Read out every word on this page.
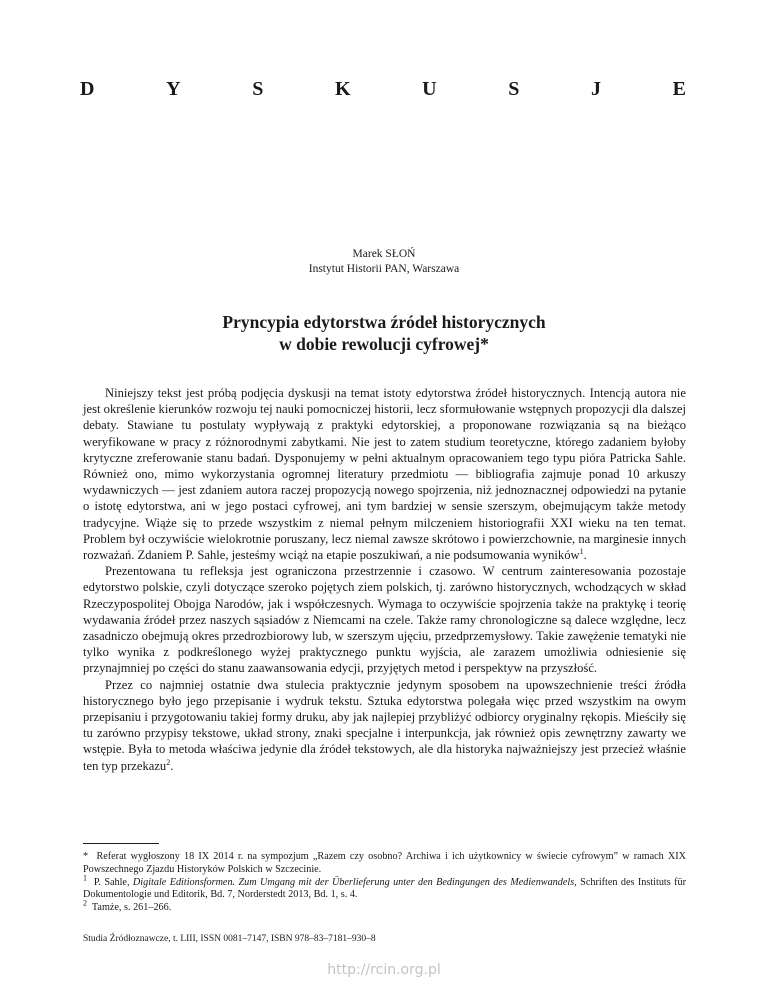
D	Y	S	K	U	S	J	E
Marek SŁOŃ
Instytut Historii PAN, Warszawa
Pryncypia edytorstwa źródeł historycznych
w dobie rewolucji cyfrowej*

Niniejszy tekst jest próbą podjęcia dyskusji na temat istoty edytorstwa źródeł historycznych. Intencją autora nie jest określenie kierunków rozwoju tej nauki pomocniczej historii, lecz sformułowanie wstępnych propozycji dla dalszej debaty. Stawiane tu postulaty wypływają z praktyki edytorskiej, a proponowane rozwiązania są na bieżąco weryfikowane w pracy z różnorodnymi zabytkami. Nie jest to zatem studium teoretyczne, którego zadaniem byłoby krytyczne zreferowanie stanu badań. Dysponujemy w pełni aktualnym opracowaniem tego typu pióra Patricka Sahle. Również ono, mimo wykorzystania ogromnej literatury przedmiotu — bibliografia zajmuje ponad 10 arkuszy wydawniczych — jest zdaniem autora raczej propozycją nowego spojrzenia, niż jednoznacznej odpowiedzi na pytanie o istotę edytorstwa, ani w jego postaci cyfrowej, ani tym bardziej w sensie szerszym, obejmującym także metody tradycyjne. Wiąże się to przede wszystkim z niemal pełnym milczeniem historiografii XXI wieku na ten temat. Problem był oczywiście wielokrotnie poruszany, lecz niemal zawsze skrótowo i powierzchownie, na marginesie innych rozważań. Zdaniem P. Sahle, jesteśmy wciąż na etapie poszukiwań, a nie podsumowania wyników$^1$.

Prezentowana tu refleksja jest ograniczona przestrzennie i czasowo. W centrum zainteresowania pozostaje edytorstwo polskie, czyli dotyczące szeroko pojętych ziem polskich, tj. zarówno historycznych, wchodzących w skład Rzeczypospolitej Obojga Narodów, jak i współczesnych. Wymaga to oczywiście spojrzenia także na praktykę i teorię wydawania źródeł przez naszych sąsiadów z Niemcami na czele. Także ramy chronologiczne są dalece względne, lecz zasadniczo obejmują okres przedrozbiorowy lub, w szerszym ujęciu, przedprzemysłowy. Takie zawężenie tematyki nie tylko wynika z podkreślonego wyżej praktycznego punktu wyjścia, ale zarazem umożliwia odniesienie się przynajmniej po części do stanu zaawansowania edycji, przyjętych metod i perspektyw na przyszłość.

Przez co najmniej ostatnie dwa stulecia praktycznie jedynym sposobem na upowszechnienie treści źródła historycznego było jego przepisanie i wydruk tekstu. Sztuka edytorstwa polegała więc przed wszystkim na owym przepisaniu i przygotowaniu takiej formy druku, aby jak najlepiej przybliżyć odbiorcy oryginalny rękopis. Mieściły się tu zarówno przypisy tekstowe, układ strony, znaki specjalne i interpunkcja, jak również opis zewnętrzny zawarty we wstępie. Była to metoda właściwa jedynie dla źródeł tekstowych, ale dla historyka najważniejszy jest przecież właśnie ten typ przekazu$^2$.

* Referat wygłoszony 18 IX 2014 r. na sympozjum „Razem czy osobno? Archiwa i ich użytkownicy w świecie cyfrowym” w ramach XIX Powszechnego Zjazdu Historyków Polskich w Szczecinie.

$^1$ P. Sahle, Digitale Editionsformen. Zum Umgang mit der Überlieferung unter den Bedingungen des Medienwandels, Schriften des Instituts für Dokumentologie und Editorik, Bd. 7, Norderstedt 2013, Bd. 1, s. 4.

$^2$ Tamże, s. 261–266.

Studia Źródłoznawcze, t. LIII, ISSN 0081–7147, ISBN 978–83–7181–930–8
http://rcin.org.pl
